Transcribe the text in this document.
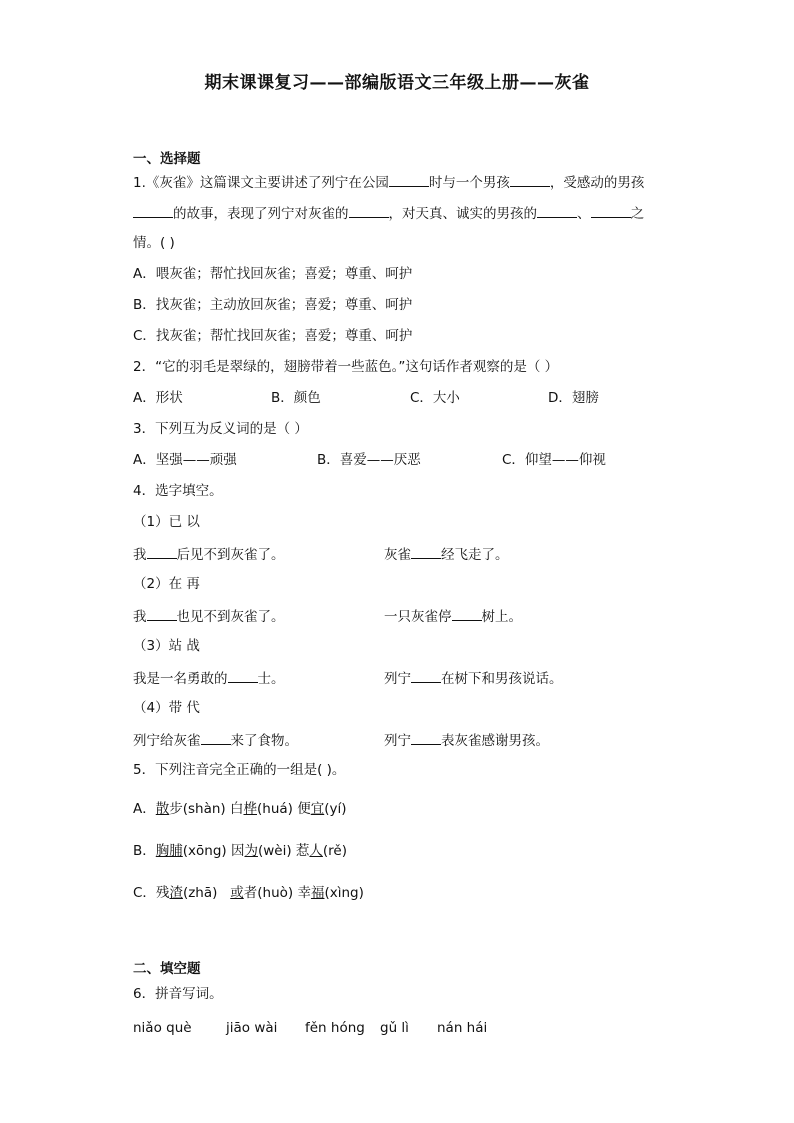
期末课课复习——部编版语文三年级上册——灰雀
一、选择题
1.《灰雀》这篇课文主要讲述了列宁在公园	时与一个男孩	，受感动的男孩
的故事，表现了列宁对灰雀的	，对天真、诚实的男孩的	、	之
情。( )
A．喂灰雀；帮忙找回灰雀；喜爱；尊重、呵护
B．找灰雀；主动放回灰雀；喜爱；尊重、呵护
C．找灰雀；帮忙找回灰雀；喜爱；尊重、呵护
2．“它的羽毛是翠绿的，翅膀带着一些蓝色。”这句话作者观察的是（ ）
A．形状	B．颜色	C．大小	D．翅膀
3．下列互为反义词的是（ ）
A．坚强——顽强	B．喜爱——厌恶	C．仰望——仰视
4．选字填空。
（1）已 以
我 后见不到灰雀了。	灰雀 经飞走了。
（2）在 再
我 也见不到灰雀了。	一只灰雀停 树上。
（3）站 战
我是一名勇敢的 士。	列宁 在树下和男孩说话。
（4）带 代
列宁给灰雀 来了食物。	列宁 表灰雀感谢男孩。
5．下列注音完全正确的一组是( )。
A．散步(shàn) 白桦(huá) 便宜(yí)
B．胸脯(xōng) 因为(wèi) 惹人(rě)
C．残渣(zhā)   或者(huò) 幸福(xìng)
二、填空题
6．拼音写词。
niǎo què	jiāo wài fěn hóng gǔ lì nán hái
